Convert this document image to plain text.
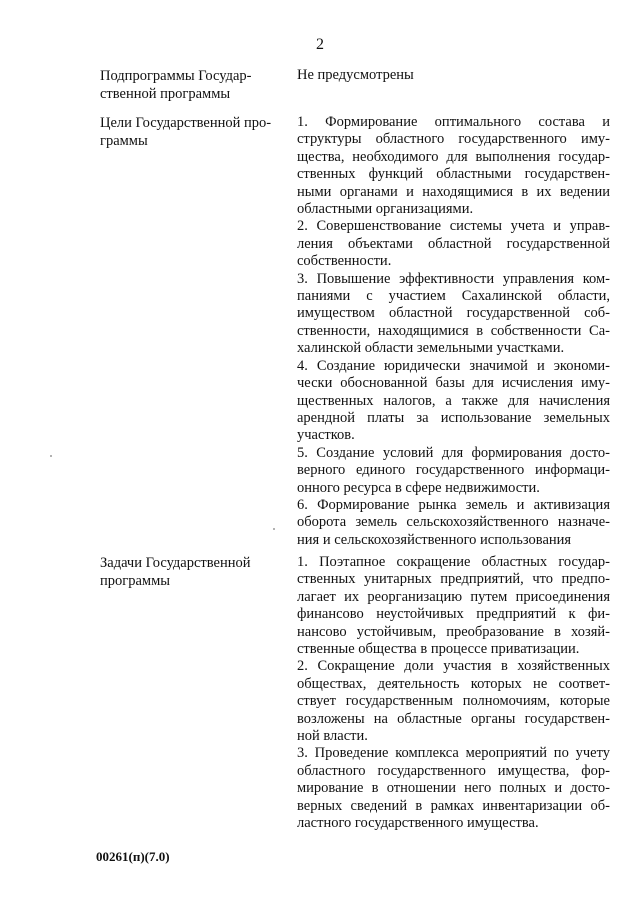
2
Подпрограммы Государ-
ственной программы
Не предусмотрены
Цели Государственной про-
граммы
1. Формирование оптимального состава и
структуры областного государственного иму-
щества, необходимого для выполнения государ-
ственных функций областными государствен-
ными органами и находящимися в их ведении
областными организациями.
2. Совершенствование системы учета и управ-
ления объектами областной государственной
собственности.
3. Повышение эффективности управления ком-
паниями с участием Сахалинской области,
имуществом областной государственной соб-
ственности, находящимися в собственности Са-
халинской области земельными участками.
4. Создание юридически значимой и экономи-
чески обоснованной базы для исчисления иму-
щественных налогов, а также для начисления
арендной платы за использование земельных
участков.
5. Создание условий для формирования досто-
верного единого государственного информаци-
онного ресурса в сфере недвижимости.
6. Формирование рынка земель и активизация
оборота земель сельскохозяйственного назначе-
ния и сельскохозяйственного использования
Задачи Государственной
программы
1. Поэтапное сокращение областных государ-
ственных унитарных предприятий, что предпо-
лагает их реорганизацию путем присоединения
финансово неустойчивых предприятий к фи-
нансово устойчивым, преобразование в хозяй-
ственные общества в процессе приватизации.
2. Сокращение доли участия в хозяйственных
обществах, деятельность которых не соответ-
ствует государственным полномочиям, которые
возложены на областные органы государствен-
ной власти.
3. Проведение комплекса мероприятий по учету
областного государственного имущества, фор-
мирование в отношении него полных и досто-
верных сведений в рамках инвентаризации об-
ластного государственного имущества.
00261(п)(7.0)
